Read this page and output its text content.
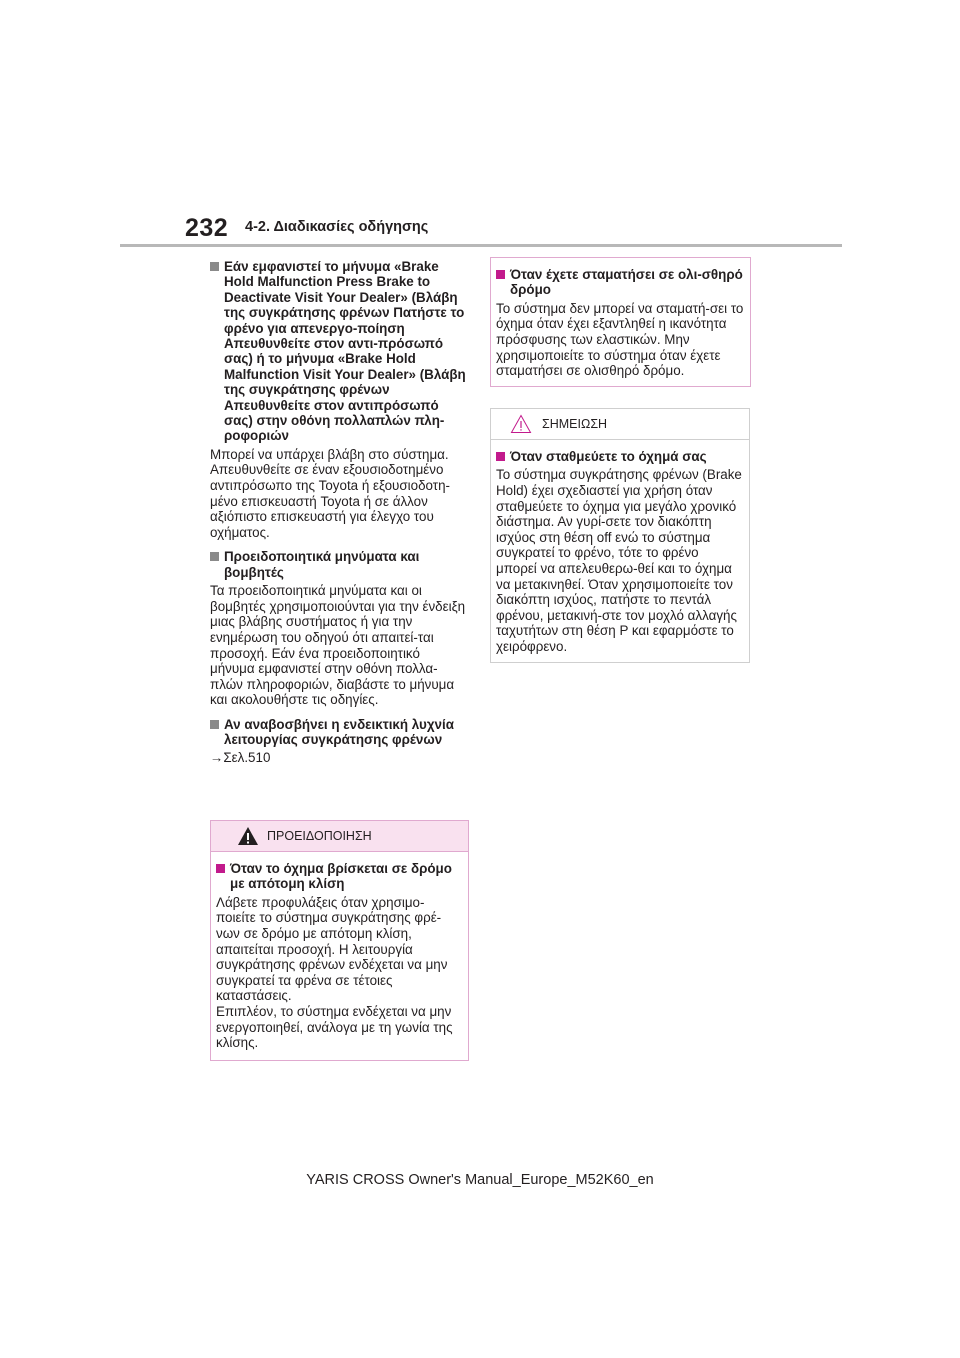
232 4-2. Διαδικασίες οδήγησης
Εάν εμφανιστεί το μήνυμα «Brake Hold Malfunction Press Brake to Deactivate Visit Your Dealer» (Βλάβη της συγκράτησης φρένων Πατήστε το φρένο για απενεργο-ποίηση Απευθυνθείτε στον αντι-πρόσωπό σας) ή το μήνυμα «Brake Hold Malfunction Visit Your Dealer» (Βλάβη της συγκράτησης φρένων Απευθυνθείτε στον αντιπρόσωπό σας) στην οθόνη πολλαπλών πλη-ροφοριών
Μπορεί να υπάρχει βλάβη στο σύστημα. Απευθυνθείτε σε έναν εξουσιοδοτημένο αντιπρόσωπο της Toyota ή εξουσιοδοτη-μένο επισκευαστή Toyota ή σε άλλον αξιόπιστο επισκευαστή για έλεγχο του οχήματος.
Προειδοποιητικά μηνύματα και βομβητές
Τα προειδοποιητικά μηνύματα και οι βομβητές χρησιμοποιούνται για την ένδειξη μιας βλάβης συστήματος ή για την ενημέρωση του οδηγού ότι απαιτεί-ται προσοχή. Εάν ένα προειδοποιητικό μήνυμα εμφανιστεί στην οθόνη πολλα-πλών πληροφοριών, διαβάστε το μήνυμα και ακολουθήστε τις οδηγίες.
Αν αναβοσβήνει η ενδεικτική λυχνία λειτουργίας συγκράτησης φρένων
→Σελ.510
ΠΡΟΕΙΔΟΠΟΙΗΣΗ
Όταν το όχημα βρίσκεται σε δρόμο με απότομη κλίση
Λάβετε προφυλάξεις όταν χρησιμο-ποιείτε το σύστημα συγκράτησης φρέ-νων σε δρόμο με απότομη κλίση, απαιτείται προσοχή. Η λειτουργία συγκράτησης φρένων ενδέχεται να μην συγκρατεί τα φρένα σε τέτοιες καταστάσεις.
Επιπλέον, το σύστημα ενδέχεται να μην ενεργοποιηθεί, ανάλογα με τη γωνία της κλίσης.
Όταν έχετε σταματήσει σε ολι-σθηρό δρόμο
Το σύστημα δεν μπορεί να σταματή-σει το όχημα όταν έχει εξαντληθεί η ικανότητα πρόσφυσης των ελαστικών. Μην χρησιμοποιείτε το σύστημα όταν έχετε σταματήσει σε ολισθηρό δρόμο.
ΣΗΜΕΙΩΣΗ
Όταν σταθμεύετε το όχημά σας
Το σύστημα συγκράτησης φρένων (Brake Hold) έχει σχεδιαστεί για χρήση όταν σταθμεύετε το όχημα για μεγάλο χρονικό διάστημα. Αν γυρί-σετε τον διακόπτη ισχύος στη θέση off ενώ το σύστημα συγκρατεί το φρένο, τότε το φρένο μπορεί να απελευθερω-θεί και το όχημα να μετακινηθεί. Όταν χρησιμοποιείτε τον διακόπτη ισχύος, πατήστε το πεντάλ φρένου, μετακινή-στε τον μοχλό αλλαγής ταχυτήτων στη θέση P και εφαρμόστε το χειρόφρενο.
YARIS CROSS Owner's Manual_Europe_M52K60_en
